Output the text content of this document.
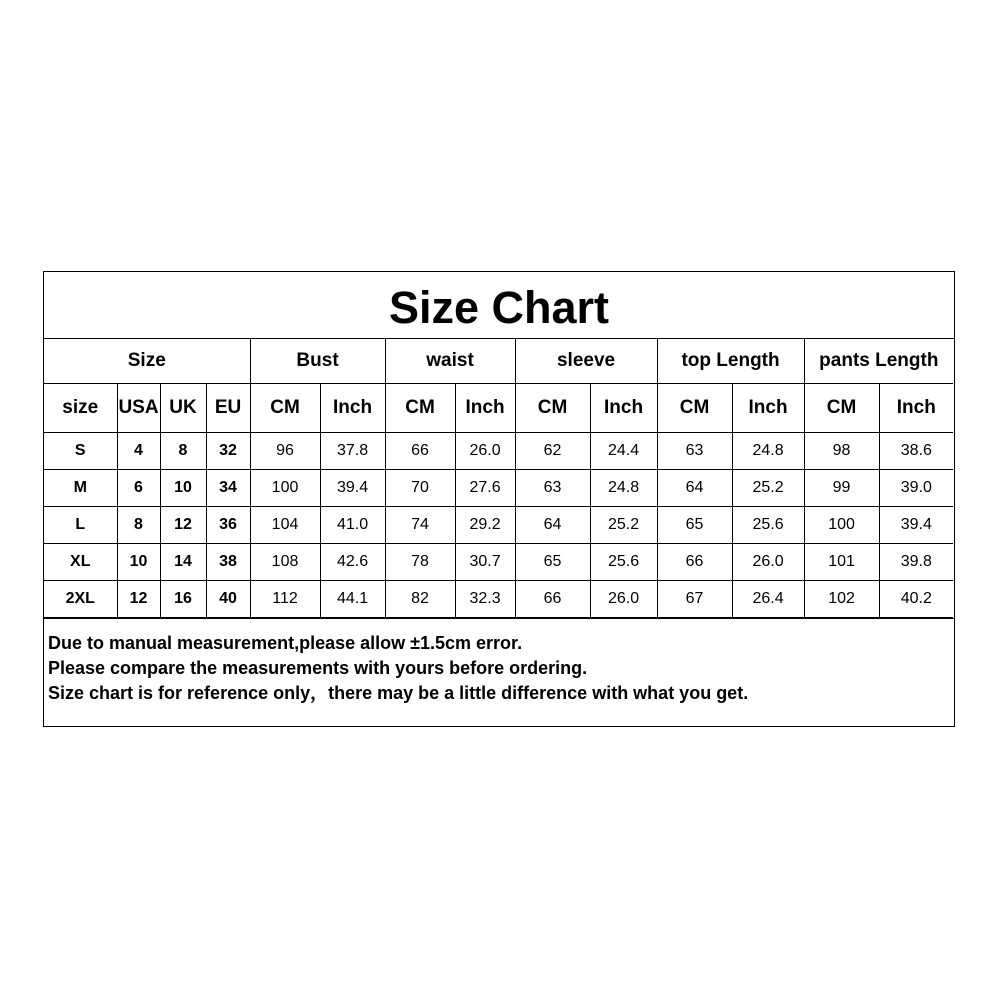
Size Chart
Size				Bust		waist		sleeve		top Length		pants Length	
size	USA	UK	EU	CM	Inch	CM	Inch	CM	Inch	CM	Inch	CM	Inch
S	4	8	32	96	37.8	66	26.0	62	24.4	63	24.8	98	38.6
M	6	10	34	100	39.4	70	27.6	63	24.8	64	25.2	99	39.0
L	8	12	36	104	41.0	74	29.2	64	25.2	65	25.6	100	39.4
XL	10	14	38	108	42.6	78	30.7	65	25.6	66	26.0	101	39.8
2XL	12	16	40	112	44.1	82	32.3	66	26.0	67	26.4	102	40.2
Due to manual measurement,please allow ±1.5cm error.
Please compare the measurements with yours before ordering.
Size chart is for reference only，there may be a little difference with what you get.
